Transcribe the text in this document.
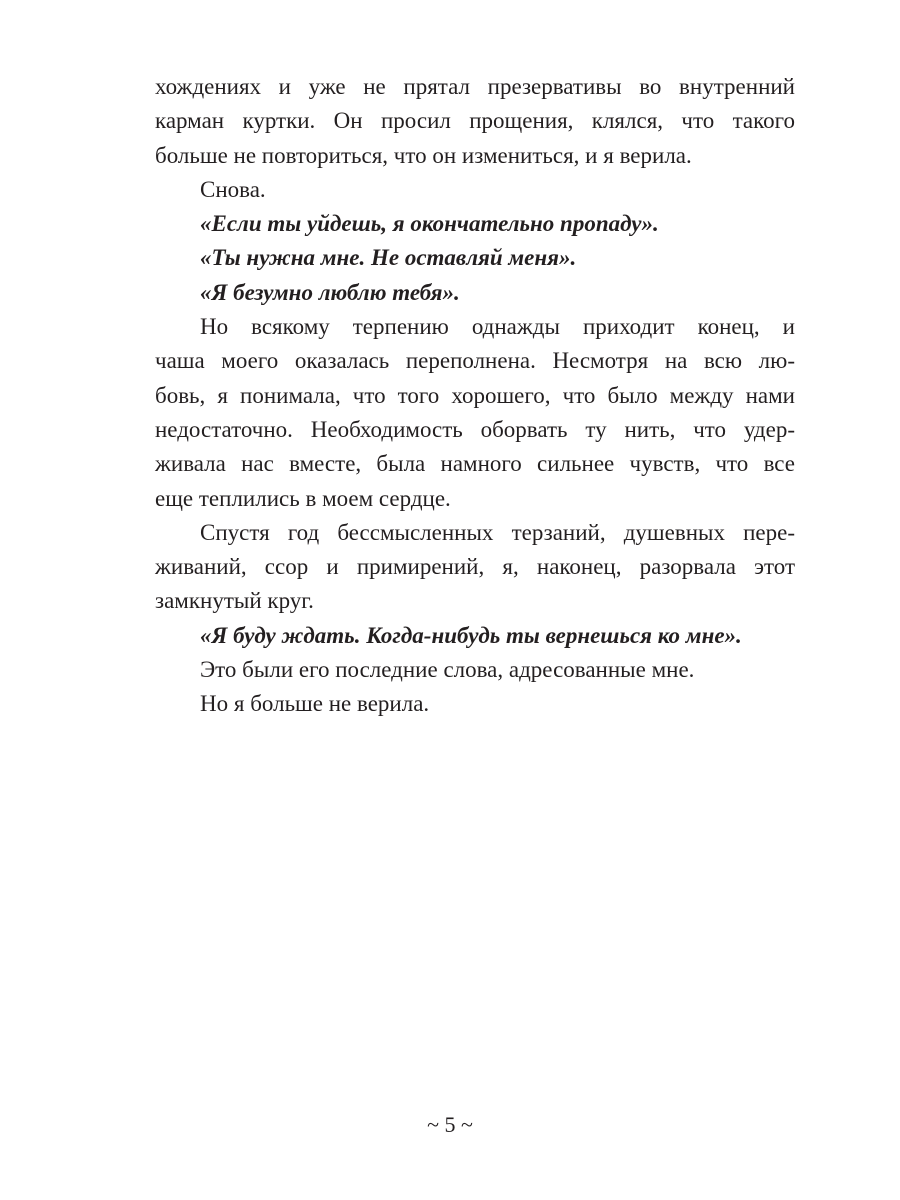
хождениях и уже не прятал презервативы во внутренний
карман куртки. Он просил прощения, клялся, что такого
больше не повториться, что он измениться, и я верила.
Снова.
«Если ты уйдешь, я окончательно пропаду».
«Ты нужна мне. Не оставляй меня».
«Я безумно люблю тебя».
Но всякому терпению однажды приходит конец, и
чаша моего оказалась переполнена. Несмотря на всю лю-
бовь, я понимала, что того хорошего, что было между нами
недостаточно. Необходимость оборвать ту нить, что удер-
живала нас вместе, была намного сильнее чувств, что все
еще теплились в моем сердце.
Спустя год бессмысленных терзаний, душевных пере-
живаний, ссор и примирений, я, наконец, разорвала этот
замкнутый круг.
«Я буду ждать. Когда-нибудь ты вернешься ко мне».
Это были его последние слова, адресованные мне.
Но я больше не верила.
~ 5 ~
